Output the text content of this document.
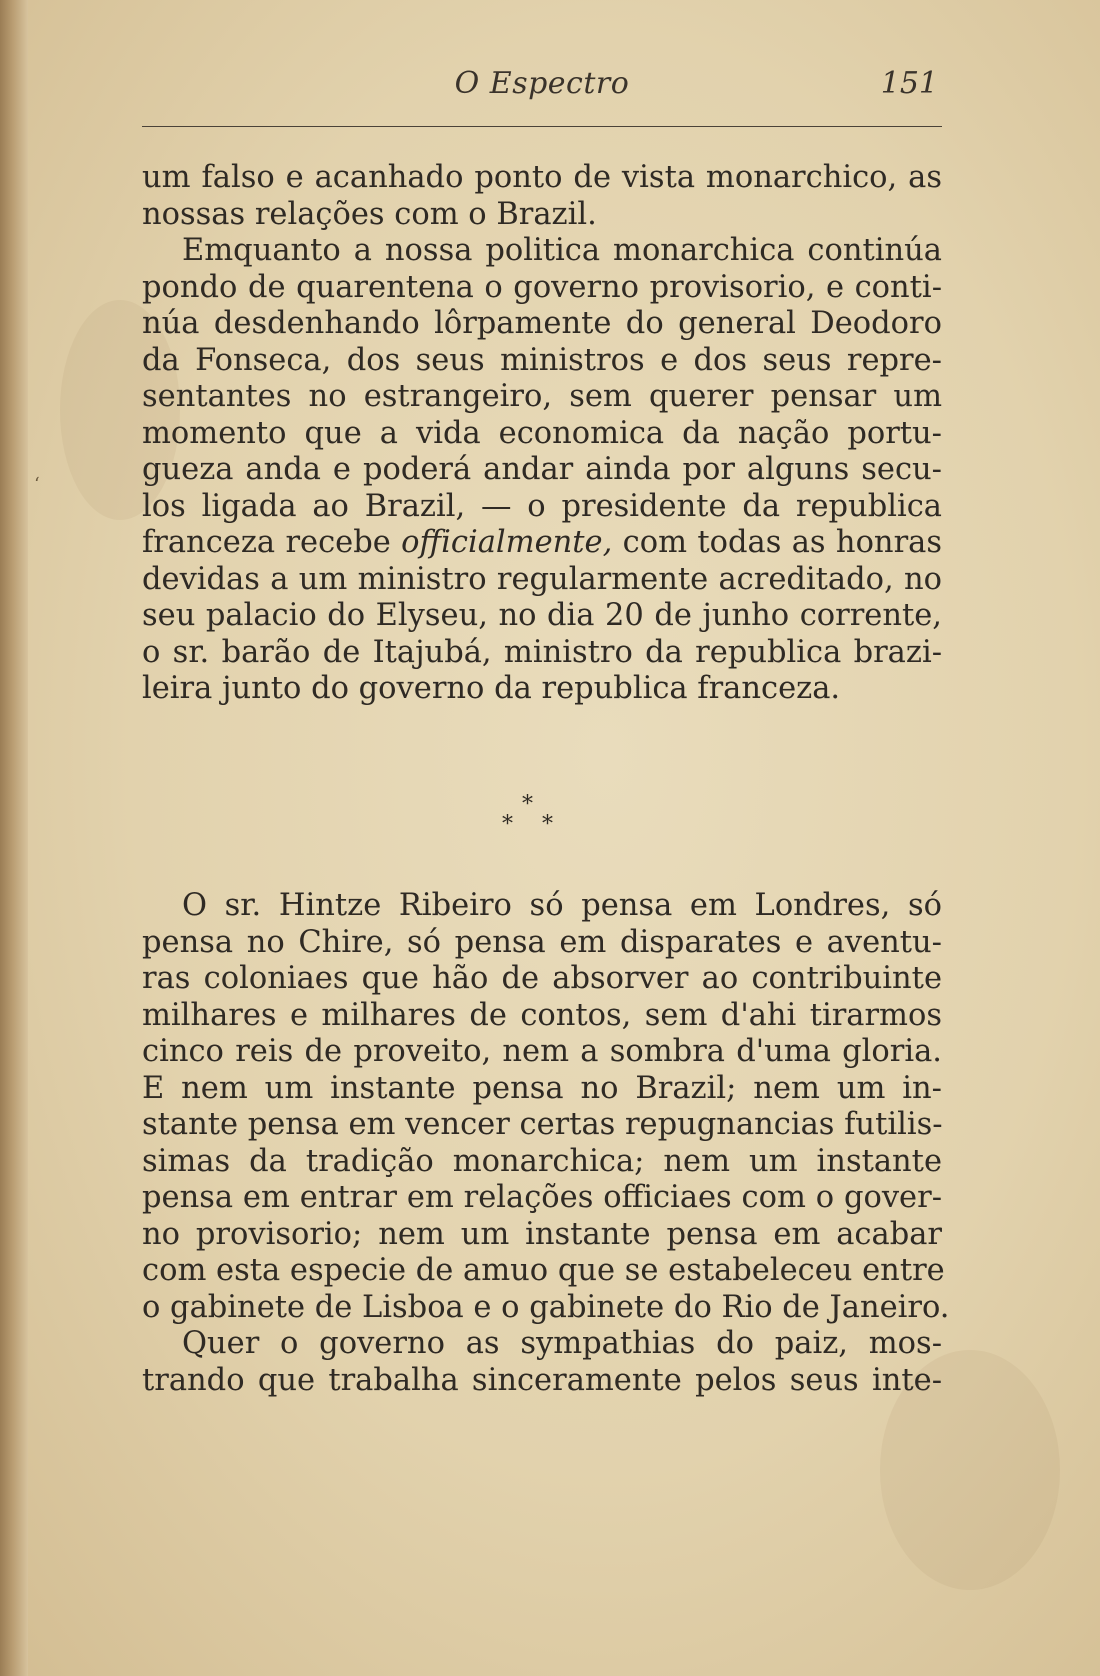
ʻ
O Espectro	151
um falso e acanhado ponto de vista monarchico, as
nossas relações com o Brazil.
Emquanto a nossa politica monarchica continúa
pondo de quarentena o governo provisorio, e conti-
núa desdenhando lôrpamente do general Deodoro
da Fonseca, dos seus ministros e dos seus repre-
sentantes no estrangeiro, sem querer pensar um
momento que a vida economica da nação portu-
gueza anda e poderá andar ainda por alguns secu-
los ligada ao Brazil, — o presidente da republica
franceza recebe officialmente, com todas as honras
devidas a um ministro regularmente acreditado, no
seu palacio do Elyseu, no dia 20 de junho corrente,
o sr. barão de Itajubá, ministro da republica brazi-
leira junto do governo da republica franceza.
*
* *
O sr. Hintze Ribeiro só pensa em Londres, só
pensa no Chire, só pensa em disparates e aventu-
ras coloniaes que hão de absorver ao contribuinte
milhares e milhares de contos, sem d'ahi tirarmos
cinco reis de proveito, nem a sombra d'uma gloria.
E nem um instante pensa no Brazil; nem um in-
stante pensa em vencer certas repugnancias futilis-
simas da tradição monarchica; nem um instante
pensa em entrar em relações officiaes com o gover-
no provisorio; nem um instante pensa em acabar
com esta especie de amuo que se estabeleceu entre
o gabinete de Lisboa e o gabinete do Rio de Janeiro.
Quer o governo as sympathias do paiz, mos-
trando que trabalha sinceramente pelos seus inte-
